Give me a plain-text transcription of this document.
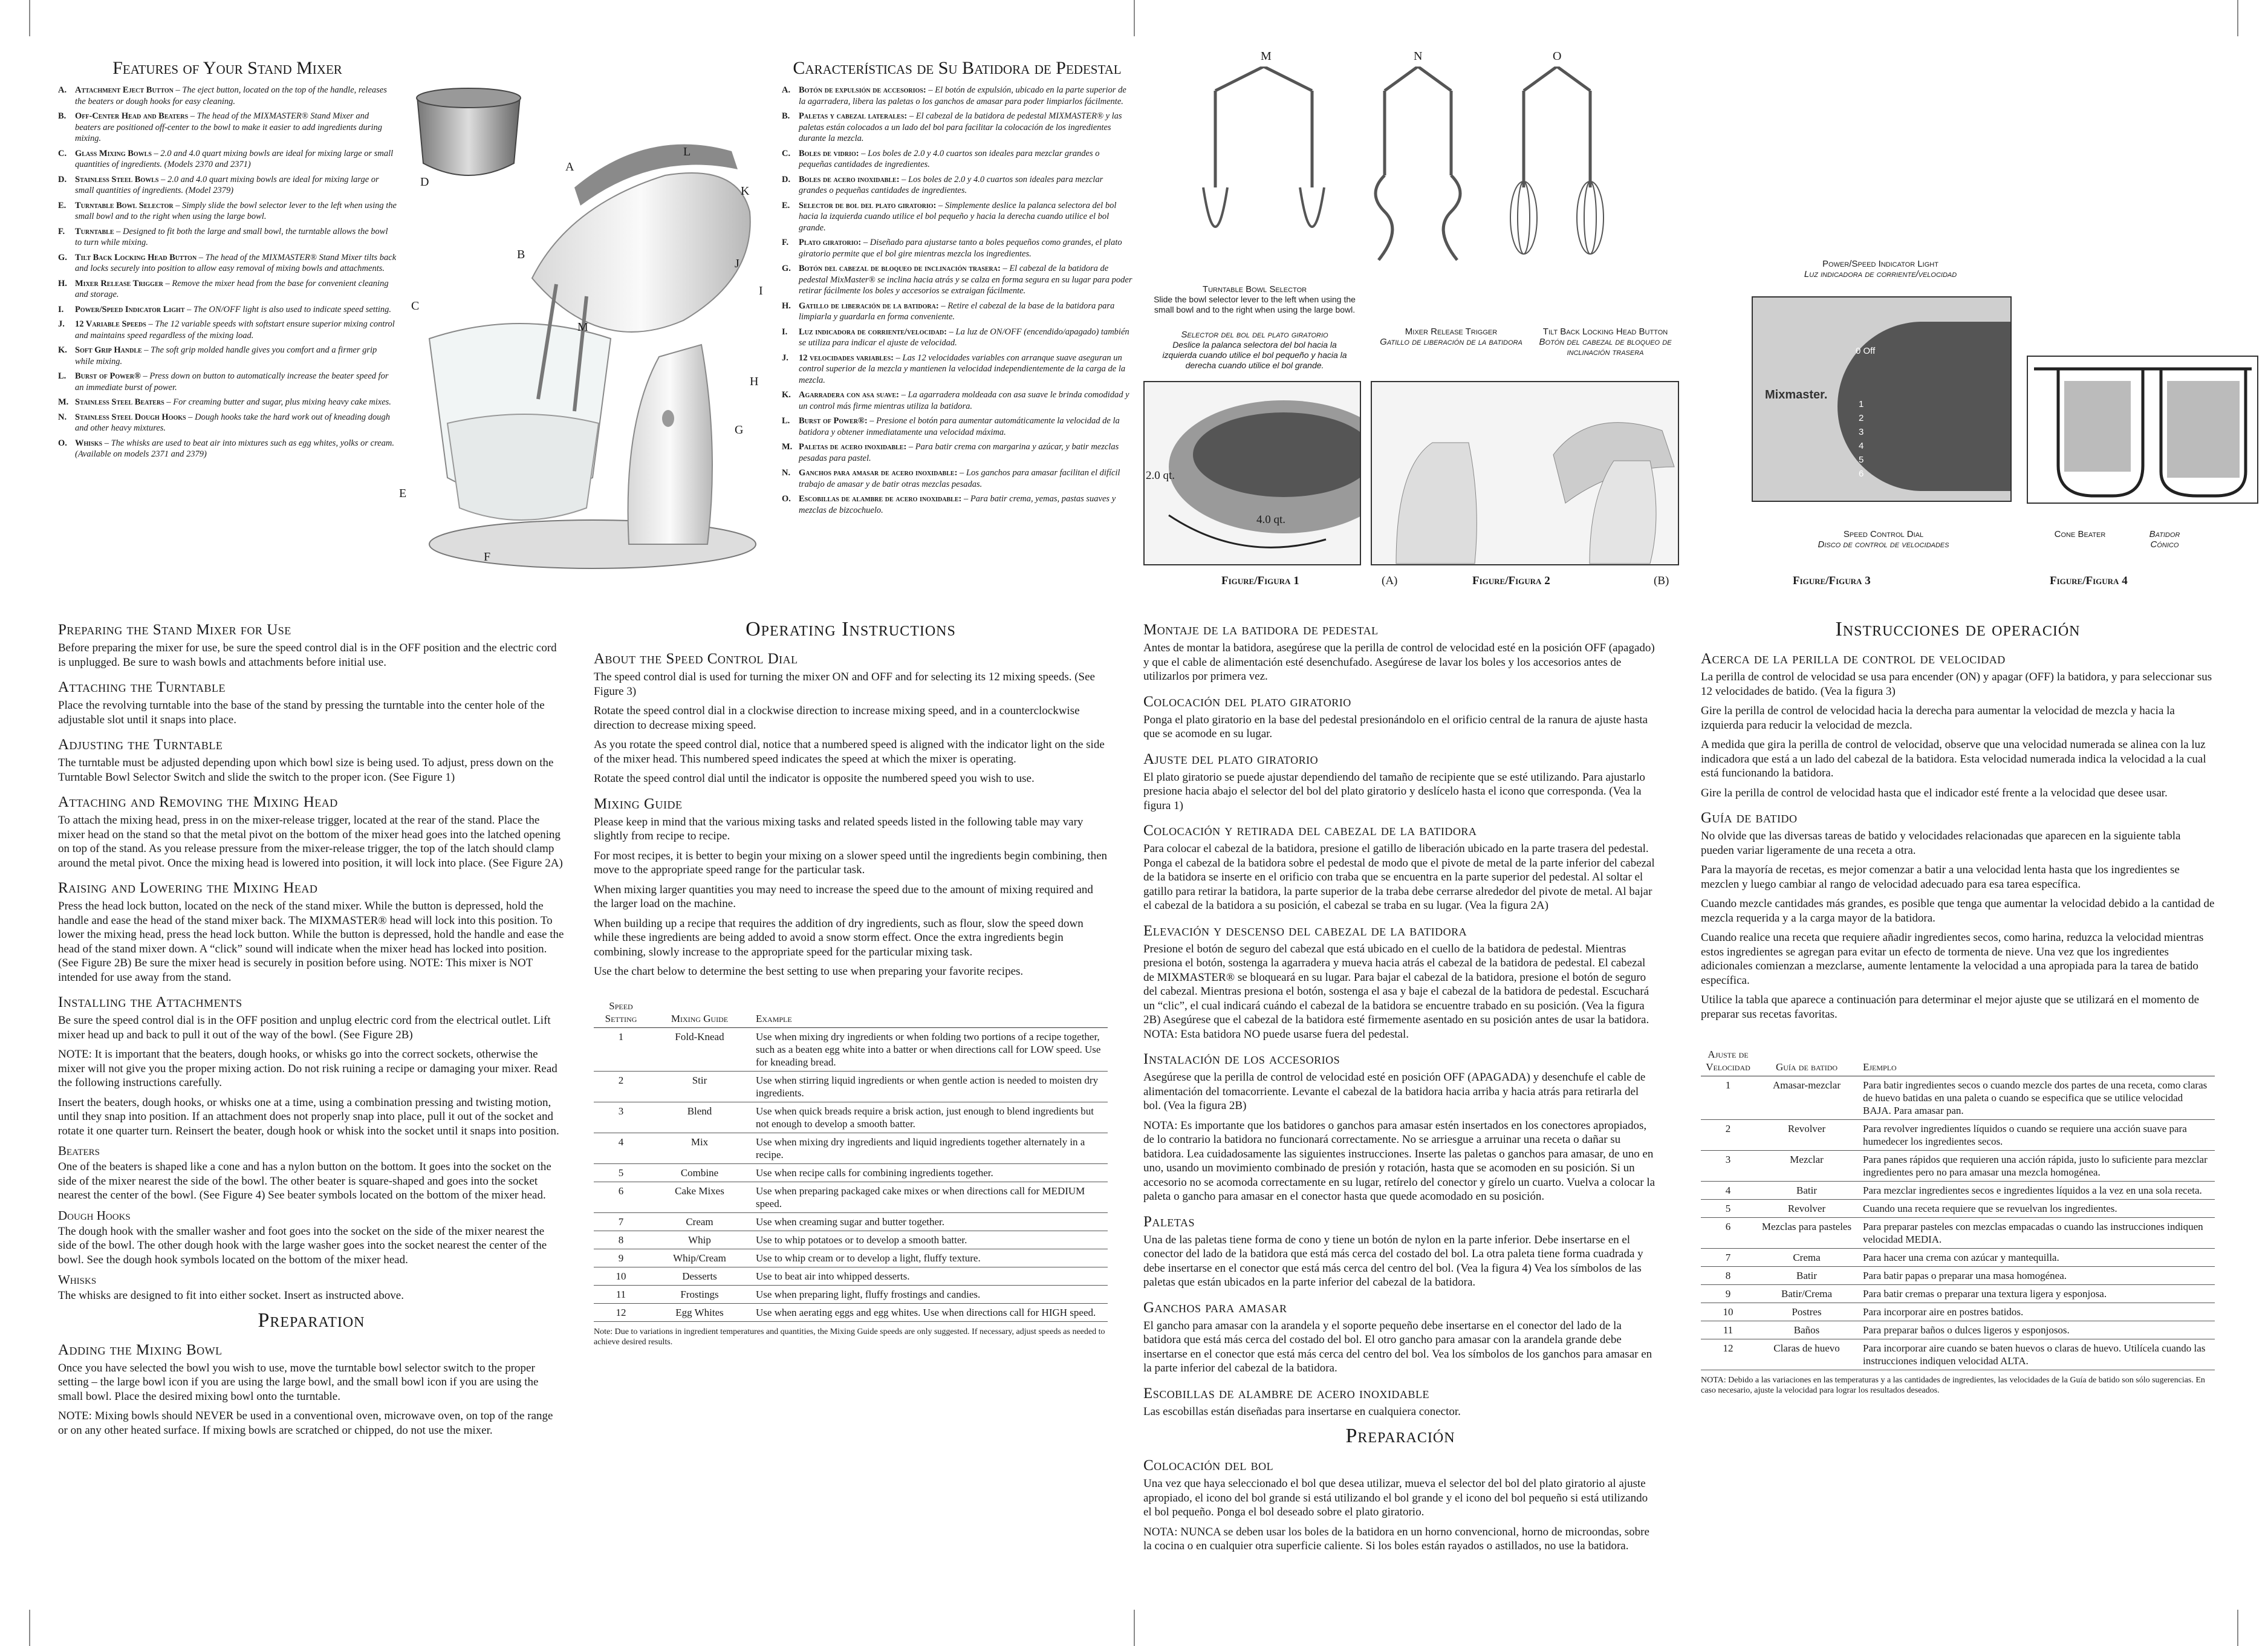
Features of Your Stand Mixer
A. Attachment Eject Button – The eject button, located on the top of the handle, releases the beaters or dough hooks for easy cleaning.
B. Off-Center Head and Beaters – The head of the MIXMASTER® Stand Mixer and beaters are positioned off-center to the bowl to make it easier to add ingredients during mixing.
C. Glass Mixing Bowls – 2.0 and 4.0 quart mixing bowls are ideal for mixing large or small quantities of ingredients. (Models 2370 and 2371)
D. Stainless Steel Bowls – 2.0 and 4.0 quart mixing bowls are ideal for mixing large or small quantities of ingredients. (Model 2379)
E. Turntable Bowl Selector – Simply slide the bowl selector lever to the left when using the small bowl and to the right when using the large bowl.
F. Turntable – Designed to fit both the large and small bowl, the turntable allows the bowl to turn while mixing.
G. Tilt Back Locking Head Button – The head of the MIXMASTER® Stand Mixer tilts back and locks securely into position to allow easy removal of mixing bowls and attachments.
H. Mixer Release Trigger – Remove the mixer head from the base for convenient cleaning and storage.
I. Power/Speed Indicator Light – The ON/OFF light is also used to indicate speed setting.
J. 12 Variable Speeds – The 12 variable speeds with softstart ensure superior mixing control and maintains speed regardless of the mixing load.
K. Soft Grip Handle – The soft grip molded handle gives you comfort and a firmer grip while mixing.
L. Burst of Power® – Press down on button to automatically increase the beater speed for an immediate burst of power.
M. Stainless Steel Beaters – For creaming butter and sugar, plus mixing heavy cake mixes.
N. Stainless Steel Dough Hooks – Dough hooks take the hard work out of kneading dough and other heavy mixtures.
O. Whisks – The whisks are used to beat air into mixtures such as egg whites, yolks or cream. (Available on models 2371 and 2379)
A
B
C
D
E
F
G
H
I
J
K
L
M
Características de Su Batidora de Pedestal
A. Botón de expulsión de accesorios: – El botón de expulsión, ubicado en la parte superior de la agarradera, libera las paletas o los ganchos de amasar para poder limpiarlos fácilmente.
B. Paletas y cabezal laterales: – El cabezal de la batidora de pedestal MIXMASTER® y las paletas están colocados a un lado del bol para facilitar la colocación de los ingredientes durante la mezcla.
C. Boles de vidrio: – Los boles de 2.0 y 4.0 cuartos son ideales para mezclar grandes o pequeñas cantidades de ingredientes.
D. Boles de acero inoxidable: – Los boles de 2.0 y 4.0 cuartos son ideales para mezclar grandes o pequeñas cantidades de ingredientes.
E. Selector de bol del plato giratorio: – Simplemente deslice la palanca selectora del bol hacia la izquierda cuando utilice el bol pequeño y hacia la derecha cuando utilice el bol grande.
F. Plato giratorio: – Diseñado para ajustarse tanto a boles pequeños como grandes, el plato giratorio permite que el bol gire mientras mezcla los ingredientes.
G. Botón del cabezal de bloqueo de inclinación trasera: – El cabezal de la batidora de pedestal MixMaster® se inclina hacia atrás y se calza en forma segura en su lugar para poder retirar fácilmente los boles y accesorios se extraigan fácilmente.
H. Gatillo de liberación de la batidora: – Retire el cabezal de la base de la batidora para limpiarla y guardarla en forma conveniente.
I. Luz indicadora de corriente/velocidad: – La luz de ON/OFF (encendido/apagado) también se utiliza para indicar el ajuste de velocidad.
J. 12 velocidades variables: – Las 12 velocidades variables con arranque suave aseguran un control superior de la mezcla y mantienen la velocidad independientemente de la carga de la mezcla.
K. Agarradera con asa suave: – La agarradera moldeada con asa suave le brinda comodidad y un control más firme mientras utiliza la batidora.
L. Burst of Power®: – Presione el botón para aumentar automáticamente la velocidad de la batidora y obtener inmediatamente una velocidad máxima.
M. Paletas de acero inoxidable: – Para batir crema con margarina y azúcar, y batir mezclas pesadas para pastel.
N. Ganchos para amasar de acero inoxidable: – Los ganchos para amasar facilitan el difícil trabajo de amasar y de batir otras mezclas pesadas.
O. Escobillas de alambre de acero inoxidable: – Para batir crema, yemas, pastas suaves y mezclas de bizcochuelo.
M	N	O
Turntable Bowl Selector
Slide the bowl selector lever to the left when using the small bowl and to the right when using the large bowl.
Selector del bol del plato giratorio
Deslice la palanca selectora del bol hacia la izquierda cuando utilice el bol pequeño y hacia la derecha cuando utilice el bol grande.
2.0 qt.
4.0 qt.
Figure/Figura 1	(A)
Mixer Release Trigger
Gatillo de liberación de la batidora
Tilt Back Locking Head Button
Botón del cabezal de bloqueo de inclinación trasera
Figure/Figura 2	(B)
Power/Speed Indicator Light
Luz indicadora de corriente/velocidad
0 Off
Mixmaster.
1
2
3
4
5
6
Speed Control Dial
Disco de control de velocidades
Figure/Figura 3
Cone Beater	Batidor Cónico
Figure/Figura 4
Preparing the Stand Mixer for Use
Before preparing the mixer for use, be sure the speed control dial is in the OFF position and the electric cord is unplugged. Be sure to wash bowls and attachments before initial use.
Attaching the Turntable
Place the revolving turntable into the base of the stand by pressing the turntable into the center hole of the adjustable slot until it snaps into place.
Adjusting the Turntable
The turntable must be adjusted depending upon which bowl size is being used. To adjust, press down on the Turntable Bowl Selector Switch and slide the switch to the proper icon. (See Figure 1)
Attaching and Removing the Mixing Head
To attach the mixing head, press in on the mixer-release trigger, located at the rear of the stand. Place the mixer head on the stand so that the metal pivot on the bottom of the mixer head goes into the latched opening on top of the stand. As you release pressure from the mixer-release trigger, the top of the latch should clamp around the metal pivot. Once the mixing head is lowered into position, it will lock into place. (See Figure 2A)
Raising and Lowering the Mixing Head
Press the head lock button, located on the neck of the stand mixer. While the button is depressed, hold the handle and ease the head of the stand mixer back. The MIXMASTER® head will lock into this position. To lower the mixing head, press the head lock button. While the button is depressed, hold the handle and ease the head of the stand mixer down. A “click” sound will indicate when the mixer head has locked into position. (See Figure 2B) Be sure the mixer head is securely in position before using. NOTE: This mixer is NOT intended for use away from the stand.
Installing the Attachments
Be sure the speed control dial is in the OFF position and unplug electric cord from the electrical outlet. Lift mixer head up and back to pull it out of the way of the bowl. (See Figure 2B)
NOTE: It is important that the beaters, dough hooks, or whisks go into the correct sockets, otherwise the mixer will not give you the proper mixing action. Do not risk ruining a recipe or damaging your mixer. Read the following instructions carefully.
Insert the beaters, dough hooks, or whisks one at a time, using a combination pressing and twisting motion, until they snap into position. If an attachment does not properly snap into place, pull it out of the socket and rotate it one quarter turn. Reinsert the beater, dough hook or whisk into the socket until it snaps into position.
Beaters
One of the beaters is shaped like a cone and has a nylon button on the bottom. It goes into the socket on the side of the mixer nearest the side of the bowl. The other beater is square-shaped and goes into the socket nearest the center of the bowl. (See Figure 4) See beater symbols located on the bottom of the mixer head.
Dough Hooks
The dough hook with the smaller washer and foot goes into the socket on the side of the mixer nearest the side of the bowl. The other dough hook with the large washer goes into the socket nearest the center of the bowl. See the dough hook symbols located on the bottom of the mixer head.
Whisks
The whisks are designed to fit into either socket. Insert as instructed above.
Preparation
Adding the Mixing Bowl
Once you have selected the bowl you wish to use, move the turntable bowl selector switch to the proper setting – the large bowl icon if you are using the large bowl, and the small bowl icon if you are using the small bowl. Place the desired mixing bowl onto the turntable.
NOTE: Mixing bowls should NEVER be used in a conventional oven, microwave oven, on top of the range or on any other heated surface. If mixing bowls are scratched or chipped, do not use the mixer.
Operating Instructions
About the Speed Control Dial
The speed control dial is used for turning the mixer ON and OFF and for selecting its 12 mixing speeds. (See Figure 3)
Rotate the speed control dial in a clockwise direction to increase mixing speed, and in a counterclockwise direction to decrease mixing speed.
As you rotate the speed control dial, notice that a numbered speed is aligned with the indicator light on the side of the mixer head. This numbered speed indicates the speed at which the mixer is operating.
Rotate the speed control dial until the indicator is opposite the numbered speed you wish to use.
Mixing Guide
Please keep in mind that the various mixing tasks and related speeds listed in the following table may vary slightly from recipe to recipe.
For most recipes, it is better to begin your mixing on a slower speed until the ingredients begin combining, then move to the appropriate speed range for the particular task.
When mixing larger quantities you may need to increase the speed due to the amount of mixing required and the larger load on the machine.
When building up a recipe that requires the addition of dry ingredients, such as flour, slow the speed down while these ingredients are being added to avoid a snow storm effect. Once the extra ingredients begin combining, slowly increase to the appropriate speed for the particular mixing task.
Use the chart below to determine the best setting to use when preparing your favorite recipes.
Speed Setting	Mixing Guide	Example
1	Fold-Knead	Use when mixing dry ingredients or when folding two portions of a recipe together, such as a beaten egg white into a batter or when directions call for LOW speed. Use for kneading bread.
2	Stir	Use when stirring liquid ingredients or when gentle action is needed to moisten dry ingredients.
3	Blend	Use when quick breads require a brisk action, just enough to blend ingredients but not enough to develop a smooth batter.
4	Mix	Use when mixing dry ingredients and liquid ingredients together alternately in a recipe.
5	Combine	Use when recipe calls for combining ingredients together.
6	Cake Mixes	Use when preparing packaged cake mixes or when directions call for MEDIUM speed.
7	Cream	Use when creaming sugar and butter together.
8	Whip	Use to whip potatoes or to develop a smooth batter.
9	Whip/Cream	Use to whip cream or to develop a light, fluffy texture.
10	Desserts	Use to beat air into whipped desserts.
11	Frostings	Use when preparing light, fluffy frostings and candies.
12	Egg Whites	Use when aerating eggs and egg whites. Use when directions call for HIGH speed.
Note: Due to variations in ingredient temperatures and quantities, the Mixing Guide speeds are only suggested. If necessary, adjust speeds as needed to achieve desired results.
Montaje de la batidora de pedestal
Antes de montar la batidora, asegúrese que la perilla de control de velocidad esté en la posición OFF (apagado) y que el cable de alimentación esté desenchufado. Asegúrese de lavar los boles y los accesorios antes de utilizarlos por primera vez.
Colocación del plato giratorio
Ponga el plato giratorio en la base del pedestal presionándolo en el orificio central de la ranura de ajuste hasta que se acomode en su lugar.
Ajuste del plato giratorio
El plato giratorio se puede ajustar dependiendo del tamaño de recipiente que se esté utilizando. Para ajustarlo presione hacia abajo el selector del bol del plato giratorio y deslícelo hasta el icono que corresponda. (Vea la figura 1)
Colocación y retirada del cabezal de la batidora
Para colocar el cabezal de la batidora, presione el gatillo de liberación ubicado en la parte trasera del pedestal. Ponga el cabezal de la batidora sobre el pedestal de modo que el pivote de metal de la parte inferior del cabezal de la batidora se inserte en el orificio con traba que se encuentra en la parte superior del pedestal. Al soltar el gatillo para retirar la batidora, la parte superior de la traba debe cerrarse alrededor del pivote de metal. Al bajar el cabezal de la batidora a su posición, el cabezal se traba en su lugar. (Vea la figura 2A)
Elevación y descenso del cabezal de la batidora
Presione el botón de seguro del cabezal que está ubicado en el cuello de la batidora de pedestal. Mientras presiona el botón, sostenga la agarradera y mueva hacia atrás el cabezal de la batidora de pedestal. El cabezal de MIXMASTER® se bloqueará en su lugar. Para bajar el cabezal de la batidora, presione el botón de seguro del cabezal. Mientras presiona el botón, sostenga el asa y baje el cabezal de la batidora de pedestal. Escuchará un “clic”, el cual indicará cuándo el cabezal de la batidora se encuentre trabado en su posición. (Vea la figura 2B) Asegúrese que el cabezal de la batidora esté firmemente asentado en su posición antes de usar la batidora. NOTA: Esta batidora NO puede usarse fuera del pedestal.
Instalación de los accesorios
Asegúrese que la perilla de control de velocidad esté en posición OFF (APAGADA) y desenchufe el cable de alimentación del tomacorriente. Levante el cabezal de la batidora hacia arriba y hacia atrás para retirarla del bol. (Vea la figura 2B)
NOTA: Es importante que los batidores o ganchos para amasar estén insertados en los conectores apropiados, de lo contrario la batidora no funcionará correctamente. No se arriesgue a arruinar una receta o dañar su batidora. Lea cuidadosamente las siguientes instrucciones. Inserte las paletas o ganchos para amasar, de uno en uno, usando un movimiento combinado de presión y rotación, hasta que se acomoden en su posición. Si un accesorio no se acomoda correctamente en su lugar, retírelo del conector y gírelo un cuarto. Vuelva a colocar la paleta o gancho para amasar en el conector hasta que quede acomodado en su posición.
Paletas
Una de las paletas tiene forma de cono y tiene un botón de nylon en la parte inferior. Debe insertarse en el conector del lado de la batidora que está más cerca del costado del bol. La otra paleta tiene forma cuadrada y debe insertarse en el conector que está más cerca del centro del bol. (Vea la figura 4) Vea los símbolos de las paletas que están ubicados en la parte inferior del cabezal de la batidora.
Ganchos para amasar
El gancho para amasar con la arandela y el soporte pequeño debe insertarse en el conector del lado de la batidora que está más cerca del costado del bol. El otro gancho para amasar con la arandela grande debe insertarse en el conector que está más cerca del centro del bol. Vea los símbolos de los ganchos para amasar en la parte inferior del cabezal de la batidora.
Escobillas de alambre de acero inoxidable
Las escobillas están diseñadas para insertarse en cualquiera conector.
Preparación
Colocación del bol
Una vez que haya seleccionado el bol que desea utilizar, mueva el selector del bol del plato giratorio al ajuste apropiado, el icono del bol grande si está utilizando el bol grande y el icono del bol pequeño si está utilizando el bol pequeño. Ponga el bol deseado sobre el plato giratorio.
NOTA: NUNCA se deben usar los boles de la batidora en un horno convencional, horno de microondas, sobre la cocina o en cualquier otra superficie caliente. Si los boles están rayados o astillados, no use la batidora.
Instrucciones de operación
Acerca de la perilla de control de velocidad
La perilla de control de velocidad se usa para encender (ON) y apagar (OFF) la batidora, y para seleccionar sus 12 velocidades de batido. (Vea la figura 3)
Gire la perilla de control de velocidad hacia la derecha para aumentar la velocidad de mezcla y hacia la izquierda para reducir la velocidad de mezcla.
A medida que gira la perilla de control de velocidad, observe que una velocidad numerada se alinea con la luz indicadora que está a un lado del cabezal de la batidora. Esta velocidad numerada indica la velocidad a la cual está funcionando la batidora.
Gire la perilla de control de velocidad hasta que el indicador esté frente a la velocidad que desee usar.
Guía de batido
No olvide que las diversas tareas de batido y velocidades relacionadas que aparecen en la siguiente tabla pueden variar ligeramente de una receta a otra.
Para la mayoría de recetas, es mejor comenzar a batir a una velocidad lenta hasta que los ingredientes se mezclen y luego cambiar al rango de velocidad adecuado para esa tarea específica.
Cuando mezcle cantidades más grandes, es posible que tenga que aumentar la velocidad debido a la cantidad de mezcla requerida y a la carga mayor de la batidora.
Cuando realice una receta que requiere añadir ingredientes secos, como harina, reduzca la velocidad mientras estos ingredientes se agregan para evitar un efecto de tormenta de nieve. Una vez que los ingredientes adicionales comienzan a mezclarse, aumente lentamente la velocidad a una apropiada para la tarea de batido específica.
Utilice la tabla que aparece a continuación para determinar el mejor ajuste que se utilizará en el momento de preparar sus recetas favoritas.
Ajuste de Velocidad	Guía de batido	Ejemplo
1	Amasar-mezclar	Para batir ingredientes secos o cuando mezcle dos partes de una receta, como claras de huevo batidas en una paleta o cuando se especifica que se utilice velocidad BAJA. Para amasar pan.
2	Revolver	Para revolver ingredientes líquidos o cuando se requiere una acción suave para humedecer los ingredientes secos.
3	Mezclar	Para panes rápidos que requieren una acción rápida, justo lo suficiente para mezclar ingredientes pero no para amasar una mezcla homogénea.
4	Batir	Para mezclar ingredientes secos e ingredientes líquidos a la vez en una sola receta.
5	Revolver	Cuando una receta requiere que se revuelvan los ingredientes.
6	Mezclas para pasteles	Para preparar pasteles con mezclas empacadas o cuando las instrucciones indiquen velocidad MEDIA.
7	Crema	Para hacer una crema con azúcar y mantequilla.
8	Batir	Para batir papas o preparar una masa homogénea.
9	Batir/Crema	Para batir cremas o preparar una textura ligera y esponjosa.
10	Postres	Para incorporar aire en postres batidos.
11	Baños	Para preparar baños o dulces ligeros y esponjosos.
12	Claras de huevo	Para incorporar aire cuando se baten huevos o claras de huevo. Utilícela cuando las instrucciones indiquen velocidad ALTA.
NOTA: Debido a las variaciones en las temperaturas y a las cantidades de ingredientes, las velocidades de la Guía de batido son sólo sugerencias. En caso necesario, ajuste la velocidad para lograr los resultados deseados.
